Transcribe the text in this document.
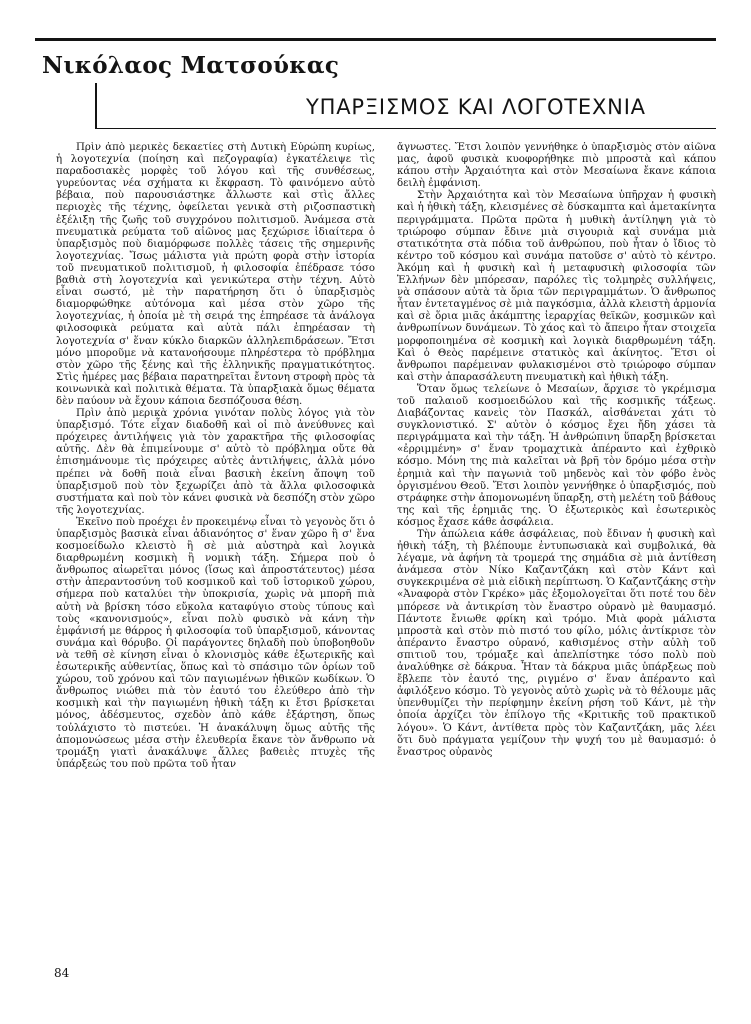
Νικόλαος Ματσούκας
ΥΠΑΡΞΙΣΜΟΣ ΚΑΙ ΛΟΓΟΤΕΧΝΙΑ

Πρὶν ἀπὸ μερικὲς δεκαετίες στὴ Δυτικὴ Εὐρώπη κυρίως, ἡ λογοτεχνία (ποίηση καὶ πεζογραφία) ἐγκατέλειψε τὶς παραδοσιακὲς μορφὲς τοῦ λόγου καὶ τῆς συνθέσεως, γυρεύοντας νέα σχήματα κι ἔκφραση. Τὸ φαινόμενο αὐτὸ βέβαια, ποὺ παρουσιάστηκε ἄλλωστε καὶ στὶς ἄλλες περιοχὲς τῆς τέχνης, ὀφείλεται γενικὰ στὴ ριζοσπαστικὴ ἐξέλιξη τῆς ζωῆς τοῦ συγχρόνου πολιτισμοῦ. Ἀνάμεσα στὰ πνευματικὰ ρεύματα τοῦ αἰῶνος μας ξεχώρισε ἰδιαίτερα ὁ ὑπαρξισμὸς ποὺ διαμόρφωσε πολλὲς τάσεις τῆς σημερινῆς λογοτεχνίας. Ἴσως μάλιστα γιὰ πρώτη φορὰ στὴν ἱστορία τοῦ πνευματικοῦ πολιτισμοῦ, ἡ φιλοσοφία ἐπέδρασε τόσο βαθιὰ στὴ λογοτεχνία καὶ γενικώτερα στὴν τέχνη. Αὐτὸ εἶναι σωστό, μὲ τὴν παρατήρηση ὅτι ὁ ὑπαρξισμὸς διαμορφώθηκε αὐτόνομα καὶ μέσα στὸν χῶρο τῆς λογοτεχνίας, ἡ ὁποία μὲ τὴ σειρά της ἐπηρέασε τὰ ἀνάλογα φιλοσοφικὰ ρεύματα καὶ αὐτὰ πάλι ἐπηρέασαν τὴ λογοτεχνία σ' ἕναν κύκλο διαρκῶν ἀλληλεπιδράσεων. Ἔτσι μόνο μποροῦμε νὰ κατανοήσουμε πληρέστερα τὸ πρόβλημα στὸν χῶρο τῆς ξένης καὶ τῆς ἑλληνικῆς πραγματικότητος. Στὶς ἡμέρες μας βέβαια παρατηρεῖται ἔντονη στροφὴ πρὸς τὰ κοινωνικὰ καὶ πολιτικὰ θέματα. Τὰ ὑπαρξιακὰ ὅμως θέματα δὲν παύουν νὰ ἔχουν κάποια δεσπόζουσα θέση.

Πρὶν ἀπὸ μερικὰ χρόνια γινόταν πολὺς λόγος γιὰ τὸν ὑπαρξισμό. Τότε εἶχαν διαδοθῆ καὶ οἱ πιὸ ἀνεύθυνες καὶ πρόχειρες ἀντιλήψεις γιὰ τὸν χαρακτῆρα τῆς φιλοσοφίας αὐτῆς. Δὲν θὰ ἐπιμείνουμε σ' αὐτὸ τὸ πρόβλημα οὔτε θὰ ἐπισημάνουμε τὶς πρόχειρες αὐτὲς ἀντιλήψεις, ἀλλὰ μόνο πρέπει νὰ δοθῆ ποιὰ εἶναι βασικὴ ἐκείνη ἄποψη τοῦ ὑπαρξισμοῦ ποὺ τὸν ξεχωρίζει ἀπὸ τὰ ἄλλα φιλοσοφικὰ συστήματα καὶ ποὺ τὸν κάνει φυσικὰ νὰ δεσπόζη στὸν χῶρο τῆς λογοτεχνίας.

Ἐκεῖνο ποὺ προέχει ἐν προκειμένῳ εἶναι τὸ γεγονὸς ὅτι ὁ ὑπαρξισμὸς βασικὰ εἶναι ἀδιανόητος σ' ἕναν χῶρο ἢ σ' ἕνα κοσμοείδωλο κλειστὸ ἢ σὲ μιὰ αὐστηρὰ καὶ λογικὰ διαρθρωμένη κοσμικὴ ἢ νομικὴ τάξη. Σήμερα ποὺ ὁ ἄνθρωπος αἰωρεῖται μόνος (ἴσως καὶ ἀπροστάτευτος) μέσα στὴν ἀπεραντοσύνη τοῦ κοσμικοῦ καὶ τοῦ ἱστορικοῦ χώρου, σήμερα ποὺ καταλύει τὴν ὑποκρισία, χωρὶς νὰ μπορῆ πιὰ αὐτὴ νὰ βρίσκη τόσο εὔκολα καταφύγιο στοὺς τύπους καὶ τοὺς «κανονισμούς», εἶναι πολὺ φυσικὸ νὰ κάνη τὴν ἐμφάνισή με θάρρος ἡ φιλοσοφία τοῦ ὑπαρξισμοῦ, κάνοντας συνάμα καὶ θόρυβο. Οἱ παράγοντες δηλαδὴ ποὺ ὑποβοηθοῦν νὰ τεθῆ σὲ κίνηση εἶναι ὁ κλονισμὸς κάθε ἐξωτερικῆς καὶ ἐσωτερικῆς αὐθεντίας, ὅπως καὶ τὸ σπάσιμο τῶν ὁρίων τοῦ χώρου, τοῦ χρόνου καὶ τῶν παγιωμένων ἠθικῶν κωδίκων. Ὁ ἄνθρωπος νιώθει πιὰ τὸν ἑαυτό του ἐλεύθερο ἀπὸ τὴν κοσμικὴ καὶ τὴν παγιωμένη ἠθικὴ τάξη κι ἔτσι βρίσκεται μόνος, ἀδέσμευτος, σχεδὸν ἀπὸ κάθε ἐξάρτηση, ὅπως τοὐλάχιστο τὸ πιστεύει. Ἡ ἀνακάλυψη ὅμως αὐτῆς τῆς ἀπομονώσεως μέσα στὴν ἐλευθερία ἔκανε τὸν ἄνθρωπο νὰ τρομάξη γιατὶ ἀνακάλυψε ἄλλες βαθειὲς πτυχὲς τῆς ὑπάρξεώς του ποὺ πρῶτα τοῦ ἦταν

ἄγνωστες. Ἔτσι λοιπὸν γεννήθηκε ὁ ὑπαρξισμὸς στὸν αἰῶνα μας, ἀφοῦ φυσικὰ κυοφορήθηκε πιὸ μπροστὰ καὶ κάπου κάπου στὴν Ἀρχαιότητα καὶ στὸν Μεσαίωνα ἔκανε κάποια δειλὴ ἐμφάνιση.

Στὴν Ἀρχαιότητα καὶ τὸν Μεσαίωνα ὑπῆρχαν ἡ φυσικὴ καὶ ἡ ἠθικὴ τάξη, κλεισμένες σὲ δύσκαμπτα καὶ ἀμετακίνητα περιγράμματα. Πρῶτα πρῶτα ἡ μυθικὴ ἀντίληψη γιὰ τὸ τριώροφο σύμπαν ἔδινε μιὰ σιγουριὰ καὶ συνάμα μιὰ στατικότητα στὰ πόδια τοῦ ἀνθρώπου, ποὺ ἦταν ὁ ἴδιος τὸ κέντρο τοῦ κόσμου καὶ συνάμα πατοῦσε σ' αὐτὸ τὸ κέντρο. Ἀκόμη καὶ ἡ φυσικὴ καὶ ἡ μεταφυσικὴ φιλοσοφία τῶν Ἑλλήνων δὲν μπόρεσαν, παρόλες τὶς τολμηρὲς συλλήψεις, νὰ σπάσουν αὐτὰ τὰ ὅρια τῶν περιγραμμάτων. Ὁ ἄνθρωπος ἦταν ἐντεταγμένος σὲ μιὰ παγκόσμια, ἀλλὰ κλειστὴ ἁρμονία καὶ σὲ ὅρια μιᾶς ἀκάμπτης ἱεραρχίας θεϊκῶν, κοσμικῶν καὶ ἀνθρωπίνων δυνάμεων. Τὸ χάος καὶ τὸ ἄπειρο ἦταν στοιχεῖα μορφοποιημένα σὲ κοσμικὴ καὶ λογικὰ διαρθρωμένη τάξη. Καὶ ὁ Θεὸς παρέμεινε στατικὸς καὶ ἀκίνητος. Ἔτσι οἱ ἄνθρωποι παρέμειναν φυλακισμένοι στὸ τριώροφο σύμπαν καὶ στὴν ἀπαρασάλευτη πνευματικὴ καὶ ἠθικὴ τάξη.

Ὅταν ὅμως τελείωνε ὁ Μεσαίων, ἄρχισε τὸ γκρέμισμα τοῦ παλαιοῦ κοσμοειδώλου καὶ τῆς κοσμικῆς τάξεως. Διαβάζοντας κανεὶς τὸν Πασκάλ, αἰσθάνεται χάτι τὸ συγκλονιστικό. Σ' αὐτὸν ὁ κόσμος ἔχει ἤδη χάσει τὰ περιγράμματα καὶ τὴν τάξη. Ἡ ἀνθρώπινη ὕπαρξη βρίσκεται «ἐρριμμένη» σ' ἕναν τρομαχτικὰ ἀπέραντο καὶ ἐχθρικὸ κόσμο. Μόνη της πιὰ καλεῖται νὰ βρῆ τὸν δρόμο μέσα στὴν ἐρημιὰ καὶ τὴν παγωνιὰ τοῦ μηδενὸς καὶ τὸν φόβο ἑνὸς ὀργισμένου Θεοῦ. Ἔτσι λοιπὸν γεννήθηκε ὁ ὑπαρξισμός, ποὺ στράφηκε στὴν ἀπομονωμένη ὕπαρξη, στὴ μελέτη τοῦ βάθους της καὶ τῆς ἐρημιᾶς της. Ὁ ἐξωτερικὸς καὶ ἐσωτερικὸς κόσμος ἔχασε κάθε ἀσφάλεια.

Τὴν ἀπώλεια κάθε ἀσφάλειας, ποὺ ἔδιναν ἡ φυσικὴ καὶ ἠθικὴ τάξη, τὴ βλέπουμε ἐντυπωσιακὰ καὶ συμβολικά, θὰ λέγαμε, νὰ ἀφήνη τὰ τρομερά της σημάδια σὲ μιὰ ἀντίθεση ἀνάμεσα στὸν Νίκο Καζαντζάκη καὶ στὸν Κάντ καὶ συγκεκριμένα σὲ μιὰ εἰδικὴ περίπτωση. Ὁ Καζαντζάκης στὴν «Ἀναφορὰ στὸν Γκρέκο» μᾶς ἐξομολογεῖται ὅτι ποτέ του δὲν μπόρεσε νὰ ἀντικρίση τὸν ἔναστρο οὐρανὸ μὲ θαυμασμό. Πάντοτε ἔνιωθε φρίκη καὶ τρόμο. Μιὰ φορὰ μάλιστα μπροστὰ καὶ στὸν πιὸ πιστό του φίλο, μόλις ἀντίκρισε τὸν ἀπέραντο ἔναστρο οὐρανό, καθισμένος στὴν αὐλὴ τοῦ σπιτιοῦ του, τρόμαξε καὶ ἀπελπίστηκε τόσο πολὺ ποὺ ἀναλύθηκε σὲ δάκρυα. Ἦταν τὰ δάκρυα μιᾶς ὑπάρξεως ποὺ ἔβλεπε τὸν ἑαυτό της, ριγμένο σ' ἕναν ἀπέραντο καὶ ἀφιλόξενο κόσμο. Τὸ γεγονὸς αὐτὸ χωρὶς νὰ τὸ θέλουμε μᾶς ὑπενθυμίζει τὴν περίφημην ἐκείνη ρήση τοῦ Κάντ, μὲ τὴν ὁποία ἀρχίζει τὸν ἐπίλογο τῆς «Κριτικῆς τοῦ πρακτικοῦ λόγου». Ὁ Κάντ, ἀντίθετα πρὸς τὸν Καζαντζάκη, μᾶς λέει ὅτι δυὸ πράγματα γεμίζουν τὴν ψυχή του μὲ θαυμασμό: ὁ ἔναστρος οὐρανὸς

84
